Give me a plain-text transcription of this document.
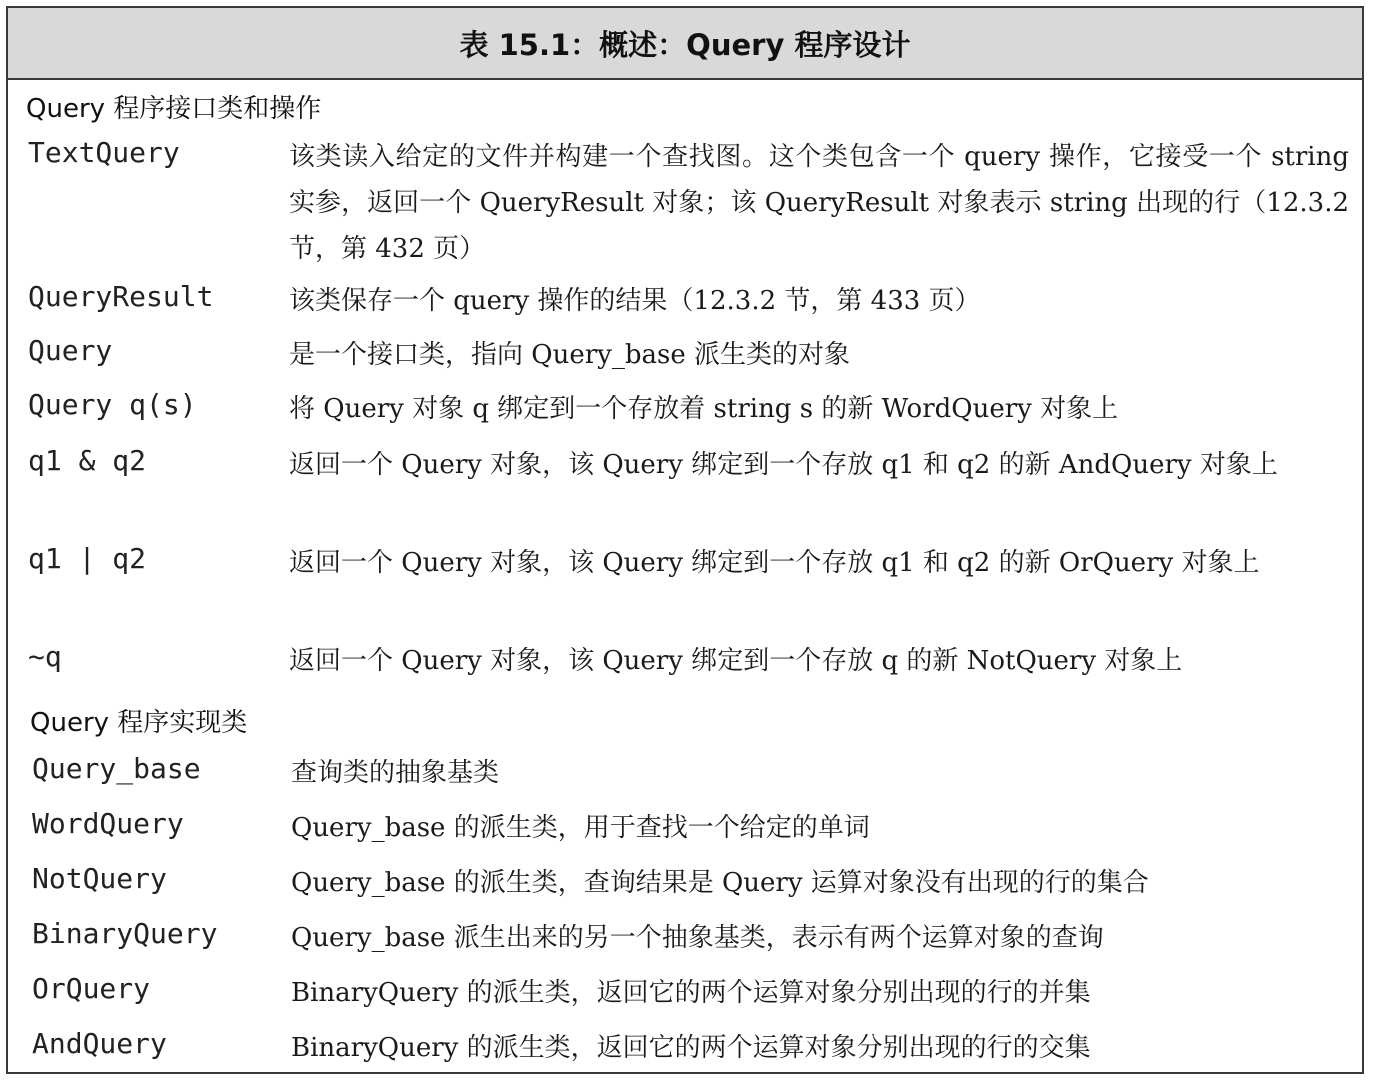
表 15.1：概述：Query 程序设计
Query 程序接口类和操作
TextQuery	该类读入给定的文件并构建一个查找图。这个类包含一个 query 操作，它接受一个 string 实参，返回一个 QueryResult 对象；该 QueryResult 对象表示 string 出现的行（12.3.2 节，第 432 页）
QueryResult	该类保存一个 query 操作的结果（12.3.2 节，第 433 页）
Query	是一个接口类，指向 Query_base 派生类的对象
Query q(s)	将 Query 对象 q 绑定到一个存放着 string s 的新 WordQuery 对象上
q1 & q2	返回一个 Query 对象，该 Query 绑定到一个存放 q1 和 q2 的新 AndQuery 对象上
q1 | q2	返回一个 Query 对象，该 Query 绑定到一个存放 q1 和 q2 的新 OrQuery 对象上
~q	返回一个 Query 对象，该 Query 绑定到一个存放 q 的新 NotQuery 对象上
Query 程序实现类
Query_base	查询类的抽象基类
WordQuery	Query_base 的派生类，用于查找一个给定的单词
NotQuery	Query_base 的派生类，查询结果是 Query 运算对象没有出现的行的集合
BinaryQuery	Query_base 派生出来的另一个抽象基类，表示有两个运算对象的查询
OrQuery	BinaryQuery 的派生类，返回它的两个运算对象分别出现的行的并集
AndQuery	BinaryQuery 的派生类，返回它的两个运算对象分别出现的行的交集
